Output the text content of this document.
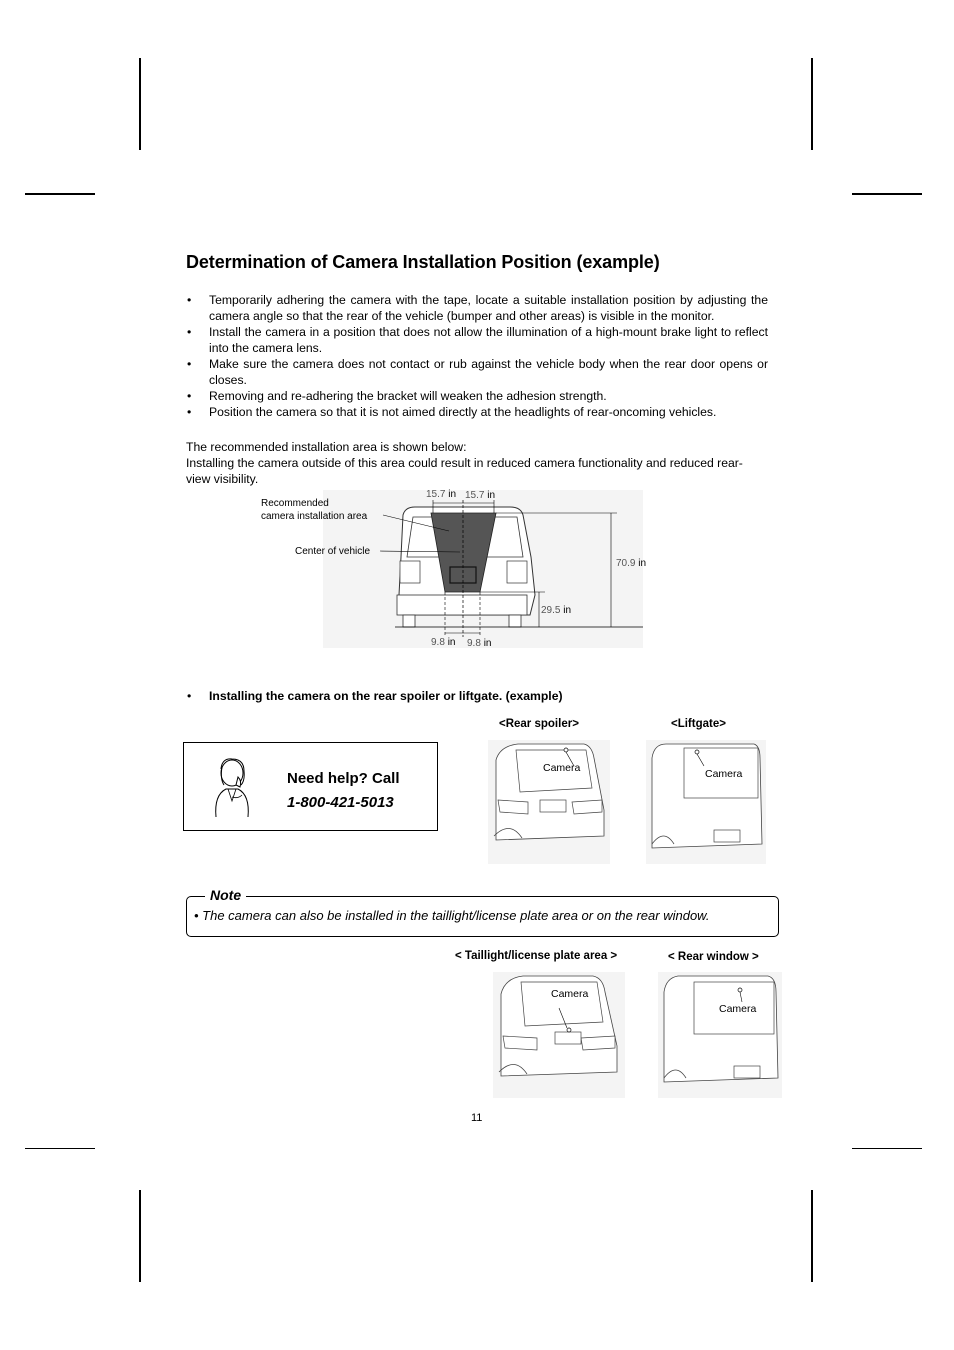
Determination of Camera Installation Position (example)
• Temporarily adhering the camera with the tape, locate a suitable installation position by adjusting the camera angle so that the rear of the vehicle (bumper and other areas) is visible in the monitor.
• Install the camera in a position that does not allow the illumination of a high-mount brake light to reflect into the camera lens.
• Make sure the camera does not contact or rub against the vehicle body when the rear door opens or closes.
• Removing and re-adhering the bracket will weaken the adhesion strength.
• Position the camera so that it is not aimed directly at the headlights of rear-oncoming vehicles.

The recommended installation area is shown below:

Installing the camera outside of this area could result in reduced camera functionality and reduced rear-view visibility.

Recommended
camera installation area
Center of vehicle
15.7 in 15.7 in
70.9 in
29.5 in
9.8 in 9.8 in
• Installing the camera on the rear spoiler or liftgate. (example)
<Rear spoiler>	<Liftgate>
Need help? Call
1-800-421-5013
Camera	Camera
Note
• The camera can also be installed in the taillight/license plate area or on the rear window.
< Taillight/license plate area >	< Rear window >
Camera
Camera
11
